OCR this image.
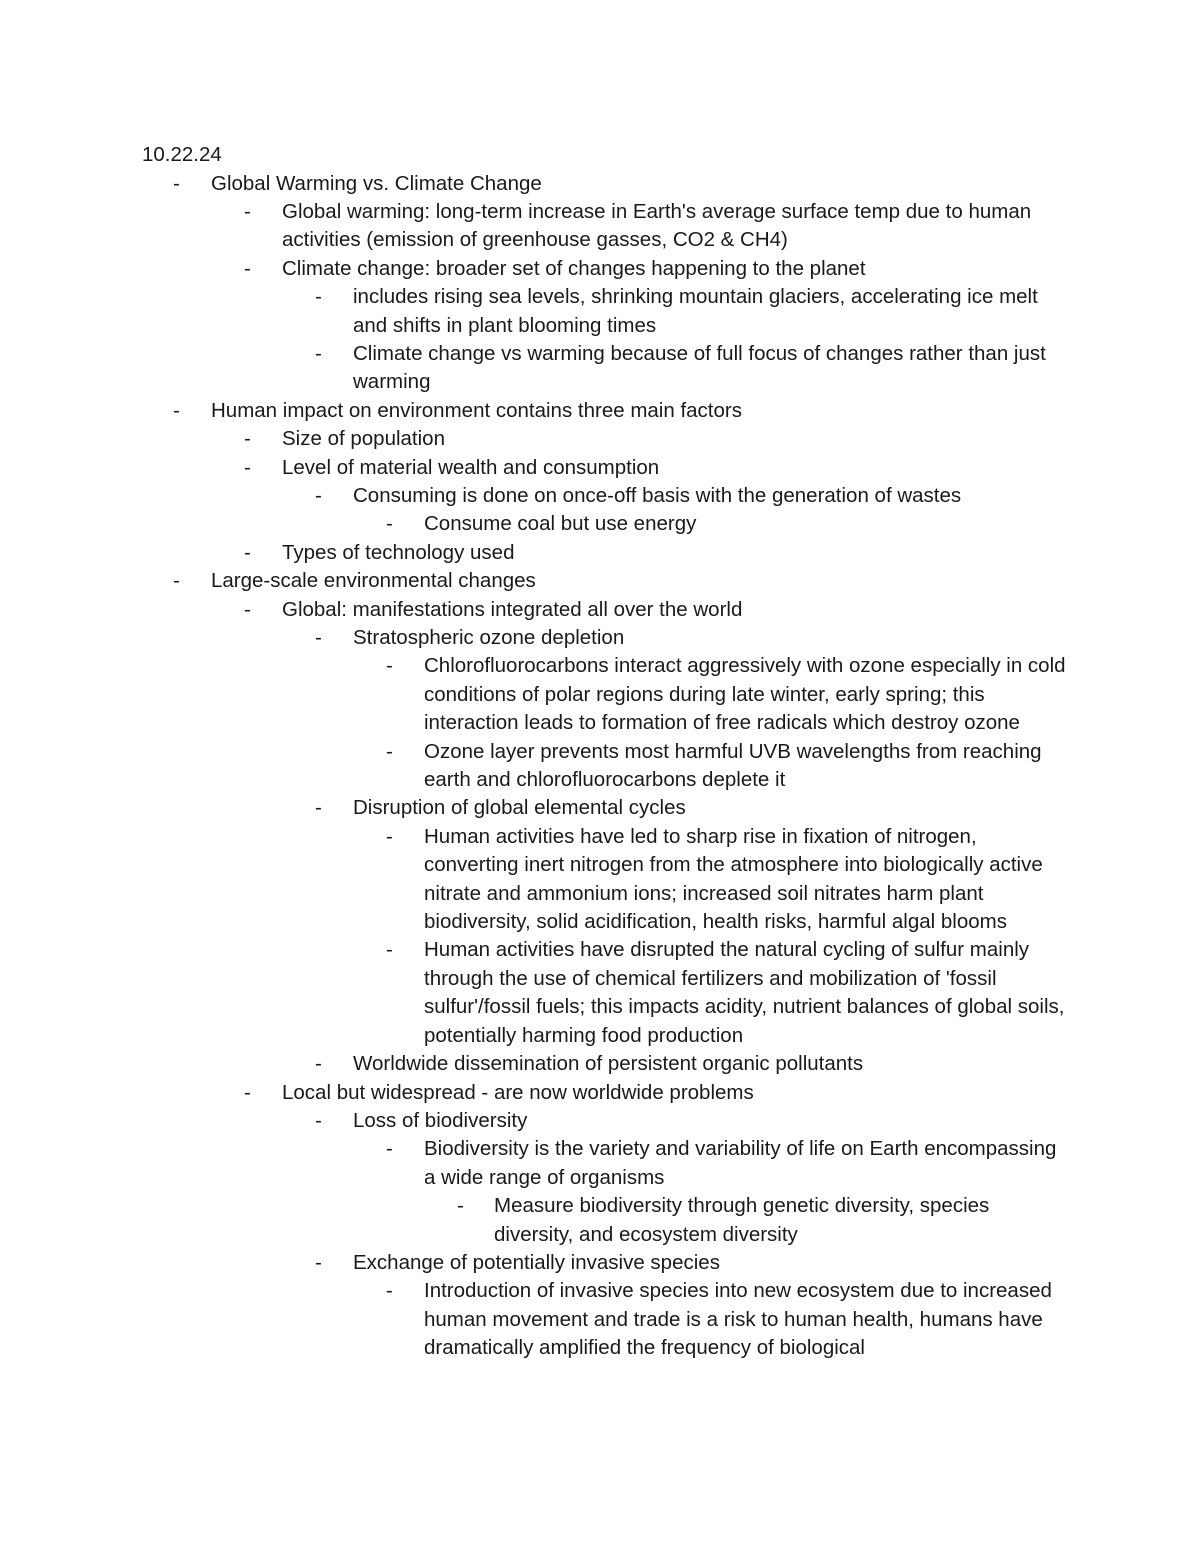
10.22.24
-	Global Warming vs. Climate Change
-	Global warming: long-term increase in Earth's average surface temp due to human activities (emission of greenhouse gasses, CO2 & CH4)
-	Climate change: broader set of changes happening to the planet
-	includes rising sea levels, shrinking mountain glaciers, accelerating ice melt and shifts in plant blooming times
-	Climate change vs warming because of full focus of changes rather than just warming
-	Human impact on environment contains three main factors
-	Size of population
-	Level of material wealth and consumption
-	Consuming is done on once-off basis with the generation of wastes
-	Consume coal but use energy
-	Types of technology used
-	Large-scale environmental changes
-	Global: manifestations integrated all over the world
-	Stratospheric ozone depletion
-	Chlorofluorocarbons interact aggressively with ozone especially in cold conditions of polar regions during late winter, early spring; this interaction leads to formation of free radicals which destroy ozone
-	Ozone layer prevents most harmful UVB wavelengths from reaching earth and chlorofluorocarbons deplete it
-	Disruption of global elemental cycles
-	Human activities have led to sharp rise in fixation of nitrogen, converting inert nitrogen from the atmosphere into biologically active nitrate and ammonium ions; increased soil nitrates harm plant biodiversity, solid acidification, health risks, harmful algal blooms
-	Human activities have disrupted the natural cycling of sulfur mainly through the use of chemical fertilizers and mobilization of 'fossil sulfur'/fossil fuels; this impacts acidity, nutrient balances of global soils, potentially harming food production
-	Worldwide dissemination of persistent organic pollutants
-	Local but widespread - are now worldwide problems
-	Loss of biodiversity
-	Biodiversity is the variety and variability of life on Earth encompassing a wide range of organisms
-	Measure biodiversity through genetic diversity, species diversity, and ecosystem diversity
-	Exchange of potentially invasive species
-	Introduction of invasive species into new ecosystem due to increased human movement and trade is a risk to human health, humans have dramatically amplified the frequency of biological
